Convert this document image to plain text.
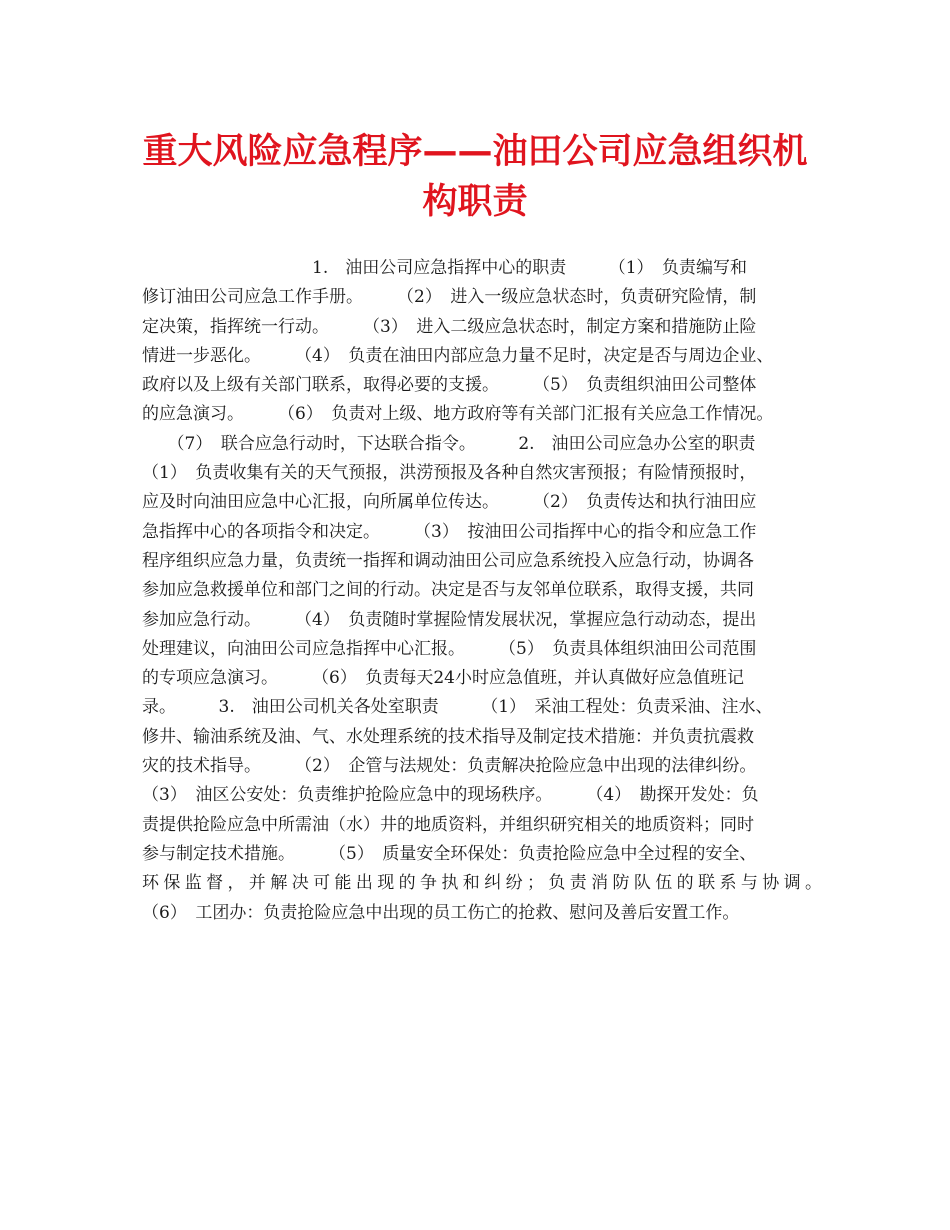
重大风险应急程序——油田公司应急组织机
构职责
　　　　　　　　　　1.　油田公司应急指挥中心的职责　　　（1）　负责编写和
修订油田公司应急工作手册。　　　（2）　进入一级应急状态时，负责研究险情，制
定决策，指挥统一行动。　　　（3）　进入二级应急状态时，制定方案和措施防止险
情进一步恶化。　　　（4）　负责在油田内部应急力量不足时，决定是否与周边企业、
政府以及上级有关部门联系，取得必要的支援。　　　（5）　负责组织油田公司整体
的应急演习。　　　（6）　负责对上级、地方政府等有关部门汇报有关应急工作情况。
　　（7）　联合应急行动时，下达联合指令。　　　2.　油田公司应急办公室的职责
（1）　负责收集有关的天气预报，洪涝预报及各种自然灾害预报；有险情预报时，
应及时向油田应急中心汇报，向所属单位传达。　　　（2）　负责传达和执行油田应
急指挥中心的各项指令和决定。　　　（3）　按油田公司指挥中心的指令和应急工作
程序组织应急力量，负责统一指挥和调动油田公司应急系统投入应急行动，协调各
参加应急救援单位和部门之间的行动。决定是否与友邻单位联系，取得支援，共同
参加应急行动。　　　（4）　负责随时掌握险情发展状况，掌握应急行动动态，提出
处理建议，向油田公司应急指挥中心汇报。　　　（5）　负责具体组织油田公司范围
的专项应急演习。　　　（6）　负责每天24小时应急值班，并认真做好应急值班记
录。　　　3.　油田公司机关各处室职责　　　（1）　采油工程处：负责采油、注水、
修井、输油系统及油、气、水处理系统的技术指导及制定技术措施：并负责抗震救
灾的技术指导。　　　（2）　企管与法规处：负责解决抢险应急中出现的法律纠纷。
（3）　油区公安处：负责维护抢险应急中的现场秩序。　　　（4）　勘探开发处：负
责提供抢险应急中所需油（水）井的地质资料，并组织研究相关的地质资料；同时
参与制定技术措施。　　　（5）　质量安全环保处：负责抢险应急中全过程的安全、
环保监督，并解决可能出现的争执和纠纷；负责消防队伍的联系与协调。
（6）　工团办：负责抢险应急中出现的员工伤亡的抢救、慰问及善后安置工作。
